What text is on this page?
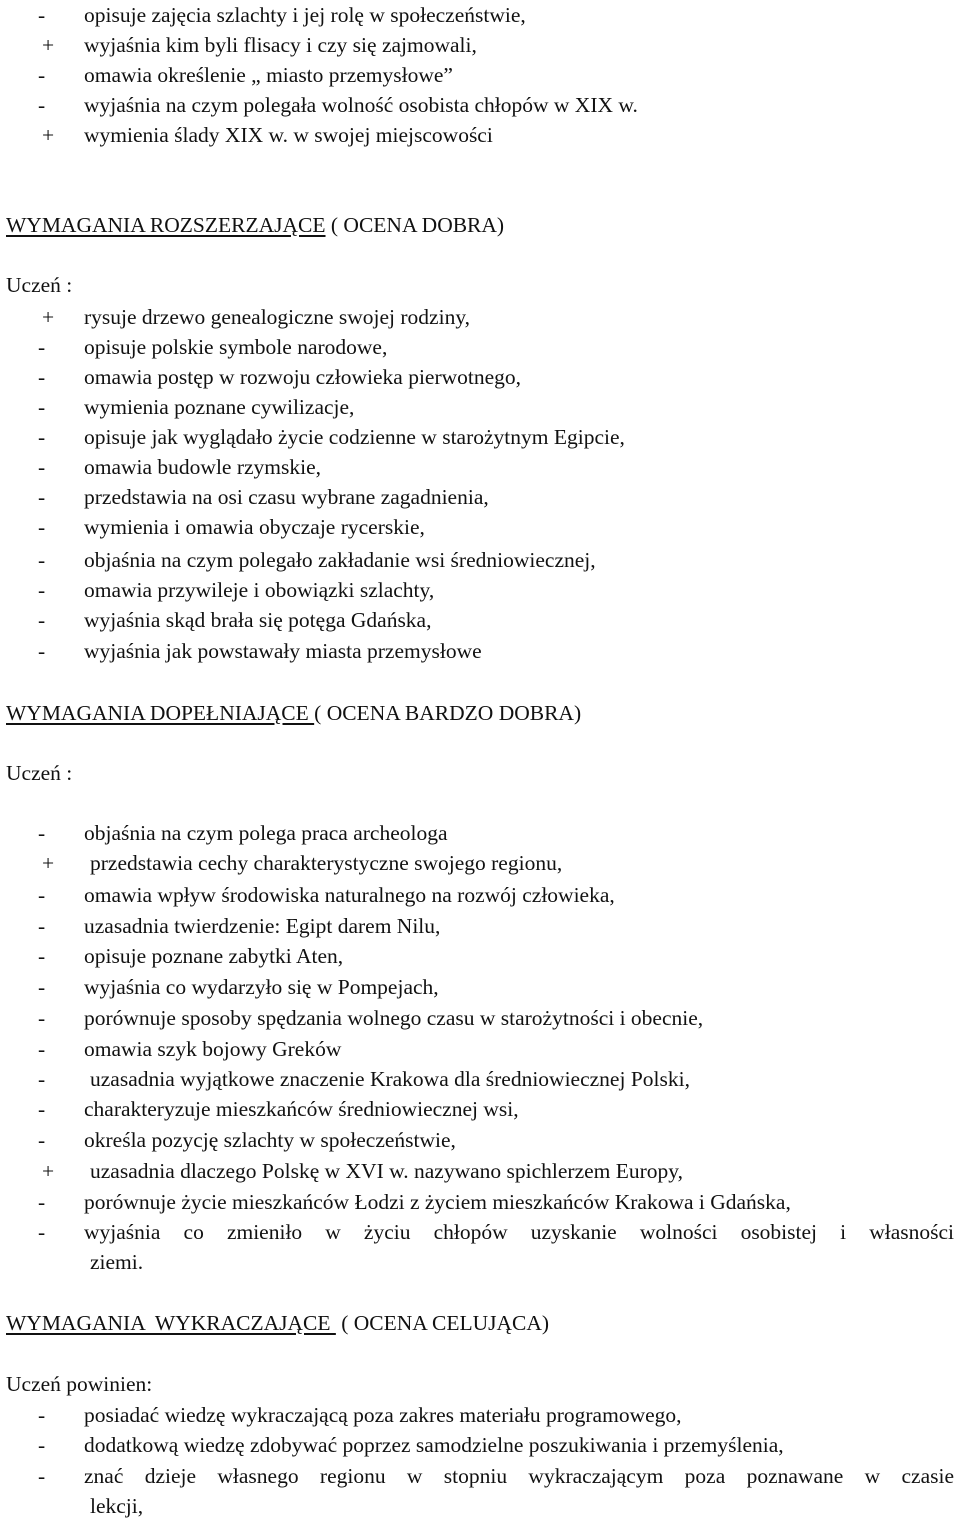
-	opisuje zajęcia szlachty i jej rolę w społeczeństwie,
+	wyjaśnia kim byli flisacy i czy się zajmowali,
-	omawia określenie „ miasto przemysłowe”
-	wyjaśnia na czym polegała wolność osobista chłopów w XIX w.
+	wymienia ślady XIX w. w swojej miejscowości
WYMAGANIA ROZSZERZAJĄCE ( OCENA DOBRA)
Uczeń :
+	rysuje drzewo genealogiczne swojej rodziny,
-	opisuje polskie symbole narodowe,
-	omawia postęp w rozwoju człowieka pierwotnego,
-	wymienia poznane cywilizacje,
-	opisuje jak wyglądało życie codzienne w starożytnym Egipcie,
-	omawia budowle rzymskie,
-	przedstawia na osi czasu wybrane zagadnienia,
-	wymienia i omawia obyczaje rycerskie,
-	objaśnia na czym polegało zakładanie wsi średniowiecznej,
-	omawia przywileje i obowiązki szlachty,
-	wyjaśnia skąd brała się potęga Gdańska,
-	wyjaśnia jak powstawały miasta przemysłowe
WYMAGANIA DOPEŁNIAJĄCE ( OCENA BARDZO DOBRA)
Uczeń :
-	objaśnia na czym polega praca archeologa
+	przedstawia cechy charakterystyczne swojego regionu,
-	omawia wpływ środowiska naturalnego na rozwój człowieka,
-	uzasadnia twierdzenie: Egipt darem Nilu,
-	opisuje poznane zabytki Aten,
-	wyjaśnia co wydarzyło się w Pompejach,
-	porównuje sposoby spędzania wolnego czasu w starożytności i obecnie,
-	omawia szyk bojowy Greków
-	uzasadnia wyjątkowe znaczenie Krakowa dla średniowiecznej Polski,
-	charakteryzuje mieszkańców średniowiecznej wsi,
-	określa pozycję szlachty w społeczeństwie,
+	uzasadnia dlaczego Polskę w XVI w. nazywano spichlerzem Europy,
-	porównuje życie mieszkańców Łodzi z życiem mieszkańców Krakowa i Gdańska,
-	wyjaśnia co zmieniło w życiu chłopów uzyskanie wolności osobistej i własności
ziemi.
WYMAGANIA  WYKRACZAJĄCE  ( OCENA CELUJĄCA)
Uczeń powinien:
-	posiadać wiedzę wykraczającą poza zakres materiału programowego,
-	dodatkową wiedzę zdobywać poprzez samodzielne poszukiwania i przemyślenia,
-	znać dzieje własnego regionu w stopniu wykraczającym poza poznawane w czasie
lekcji,
